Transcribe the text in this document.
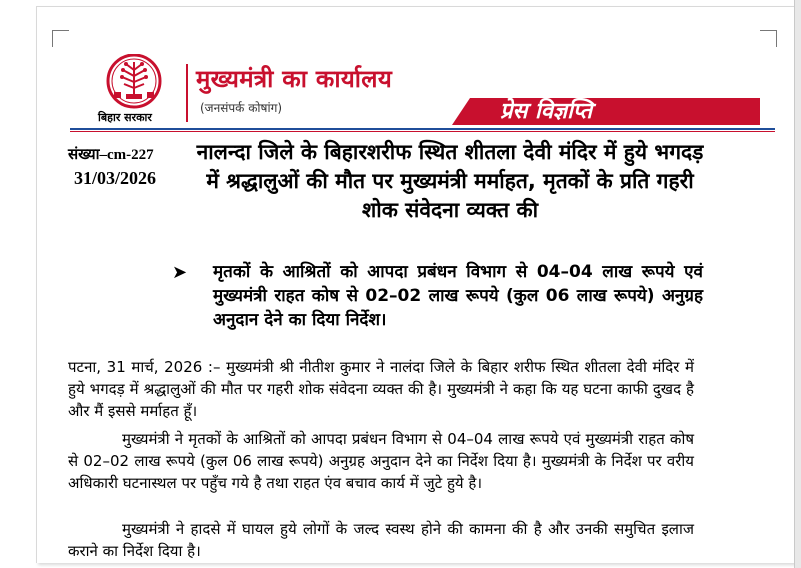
बिहार सरकार
मुख्यमंत्री का कार्यालय
(जनसंपर्क कोषांग)	प्रेस विज्ञप्ति
संख्या–cm-227
31/03/2026
नालन्दा जिले के बिहारशरीफ स्थित शीतला देवी मंदिर में हुये भगदड़ में श्रद्धालुओं की मौत पर मुख्यमंत्री मर्माहत, मृतकों के प्रति गहरी शोक संवेदना व्यक्त की
➤ मृतकों के आश्रितों को आपदा प्रबंधन विभाग से 04–04 लाख रूपये एवं मुख्यमंत्री राहत कोष से 02–02 लाख रूपये (कुल 06 लाख रूपये) अनुग्रह अनुदान देने का दिया निर्देश।
पटना, 31 मार्च, 2026 :– मुख्यमंत्री श्री नीतीश कुमार ने नालंदा जिले के बिहार शरीफ स्थित शीतला देवी मंदिर में हुये भगदड़ में श्रद्धालुओं की मौत पर गहरी शोक संवेदना व्यक्त की है। मुख्यमंत्री ने कहा कि यह घटना काफी दुखद है और मैं इससे मर्माहत हूँ।
मुख्यमंत्री ने मृतकों के आश्रितों को आपदा प्रबंधन विभाग से 04–04 लाख रूपये एवं मुख्यमंत्री राहत कोष से 02–02 लाख रूपये (कुल 06 लाख रूपये) अनुग्रह अनुदान देने का निर्देश दिया है। मुख्यमंत्री के निर्देश पर वरीय अधिकारी घटनास्थल पर पहुँच गये है तथा राहत एंव बचाव कार्य में जुटे हुये है।
मुख्यमंत्री ने हादसे में घायल हुये लोगों के जल्द स्वस्थ होने की कामना की है और उनकी समुचित इलाज कराने का निर्देश दिया है।
